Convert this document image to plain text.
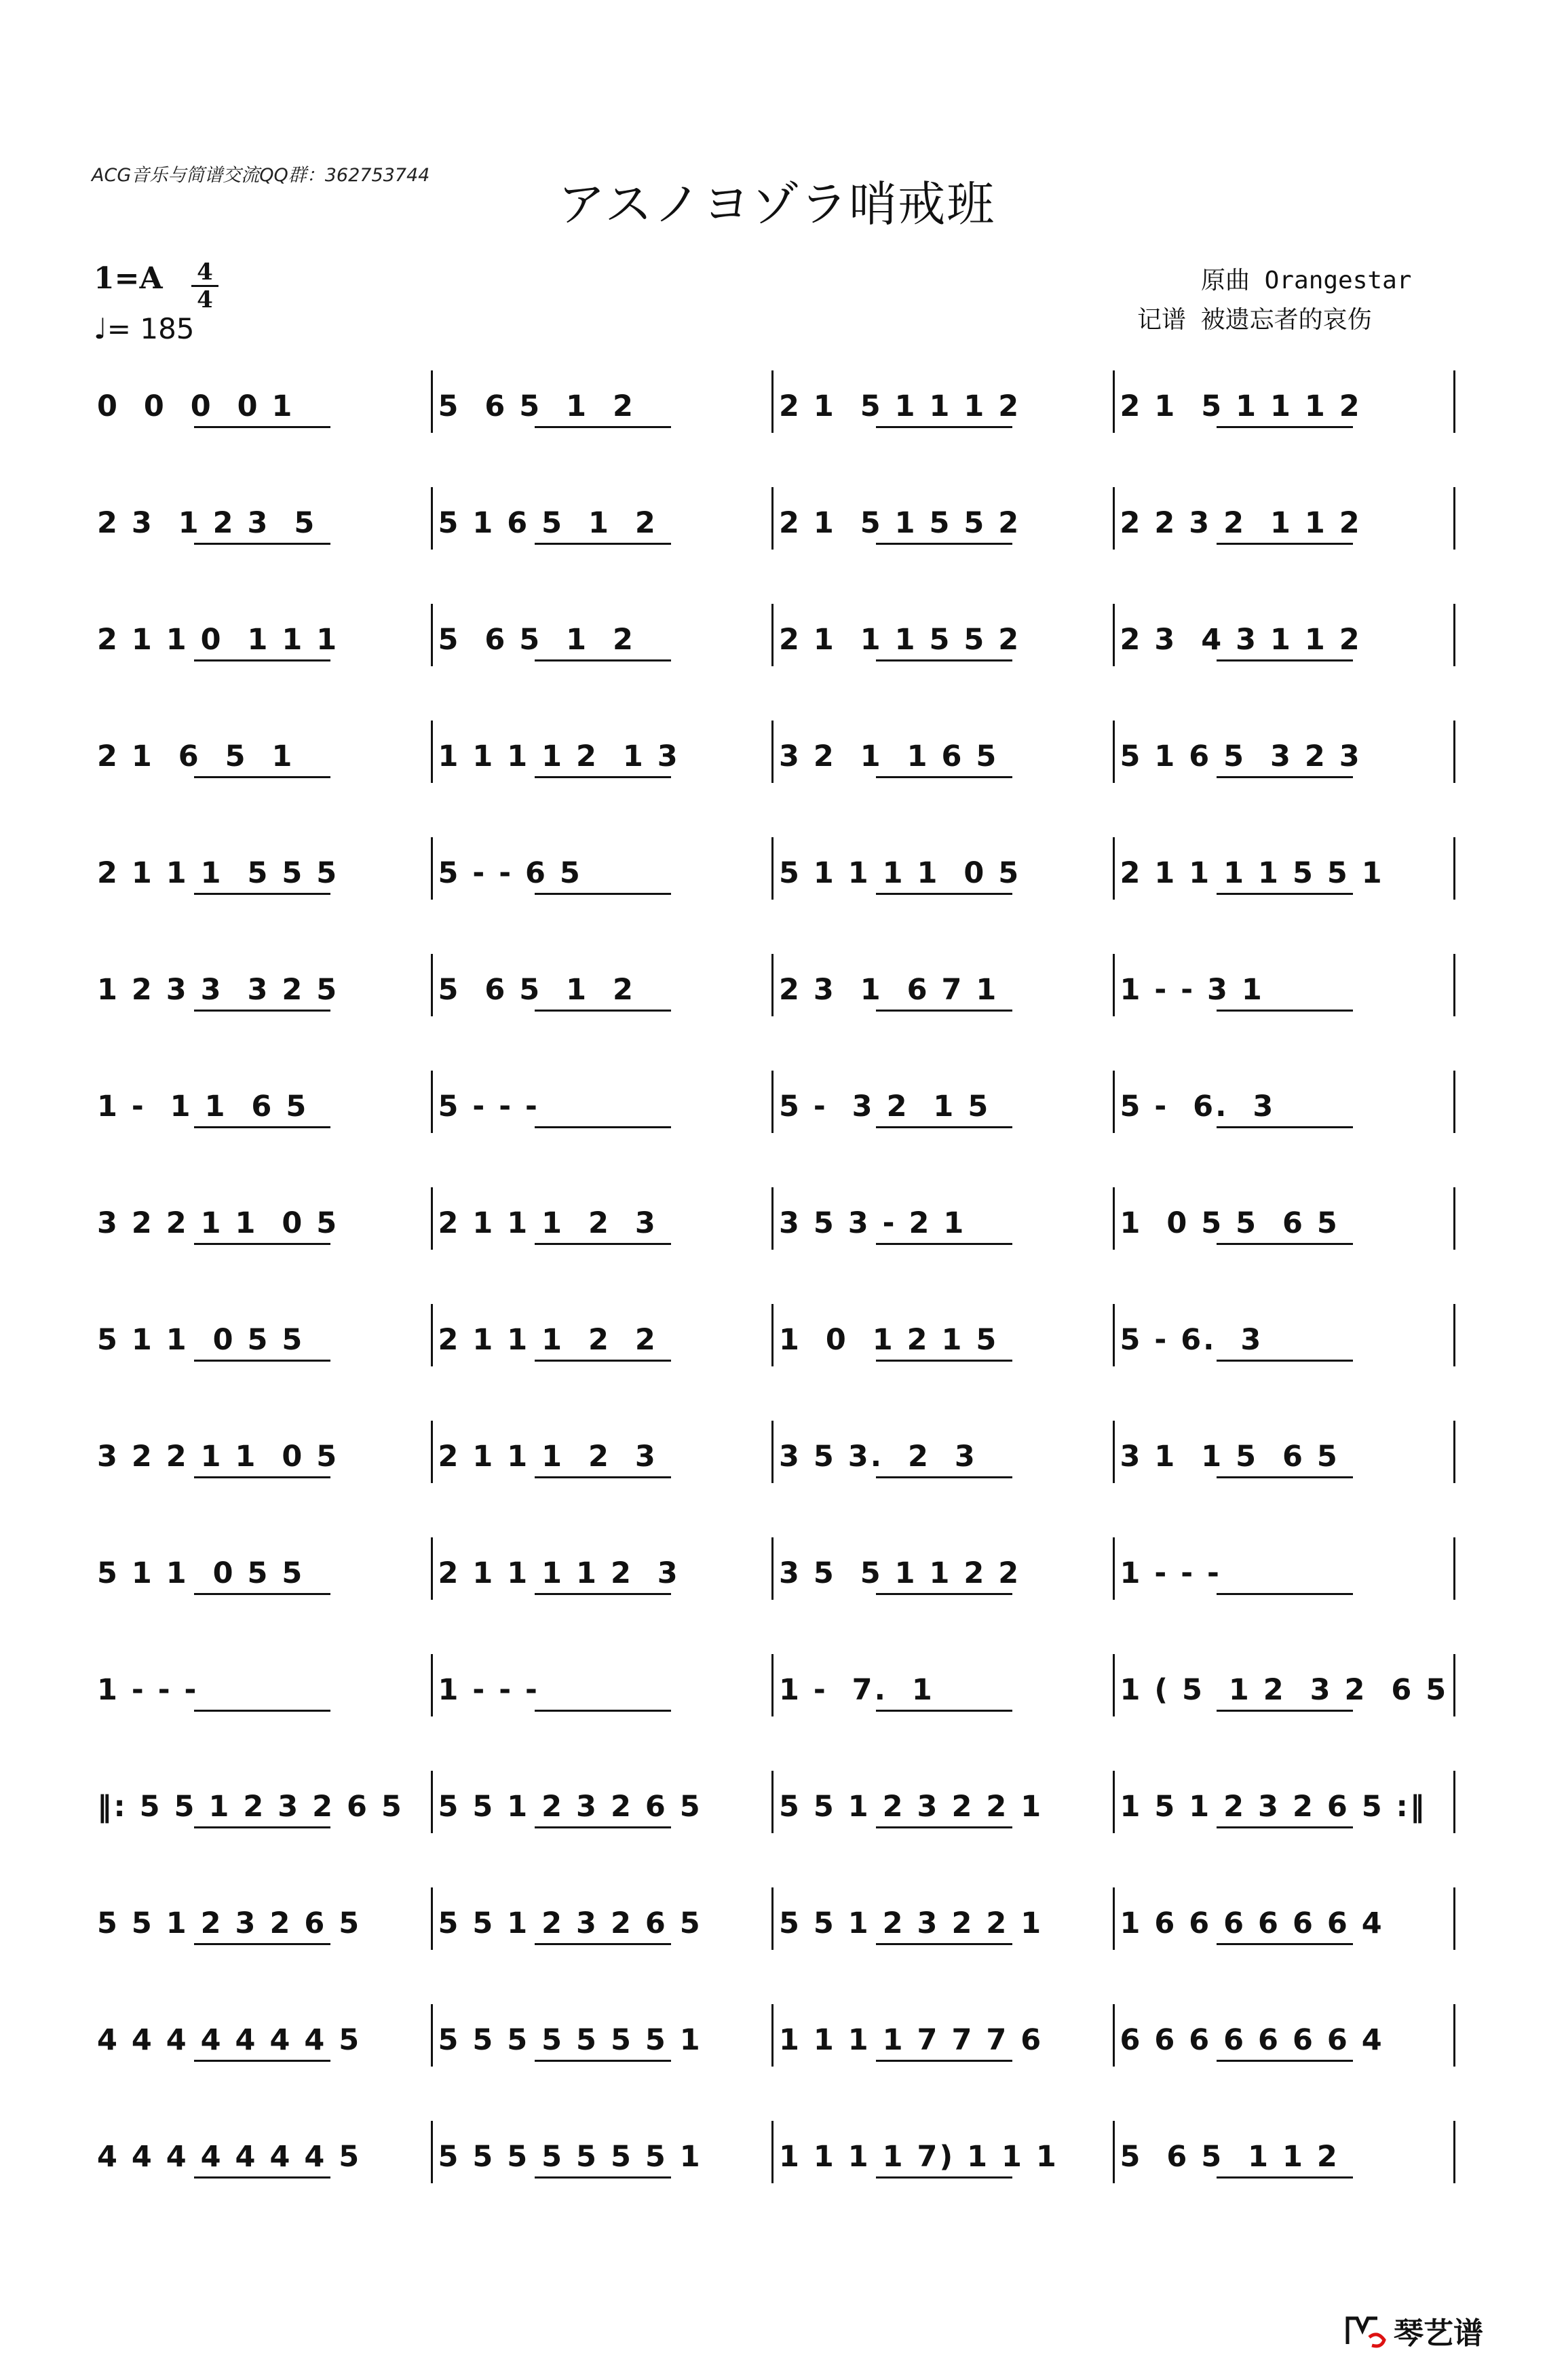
ACG音乐与简谱交流QQ群：362753744
アスノヨゾラ哨戒班
1=A 4
4
♩= 185
原曲 Orangestar
记谱 被遗忘者的哀伤
0  0  0  0 1	5  6 5  1  2	2 1  5 1 1 1 2	2 1  5 1 1 1 2
2 3  1 2 3  5	5 1 6 5  1  2	2 1  5 1 5 5 2	2 2 3 2  1 1 2
2 1 1 0  1 1 1	5  6 5  1  2	2 1  1 1 5 5 2	2 3  4 3 1 1 2
2 1  6  5  1	1 1 1 1 2  1 3	3 2  1  1 6 5	5 1 6 5  3 2 3
2 1 1 1  5 5 5	5 - - 6 5	5 1 1 1 1  0 5	2 1 1 1 1 5 5 1
1 2 3 3  3 2 5	5  6 5  1  2	2 3  1  6 7 1	1 - - 3 1
1 -  1 1  6 5	5 - - -	5 -  3 2  1 5	5 -  6.  3
3 2 2 1 1  0 5	2 1 1 1  2  3	3 5 3 - 2 1	1  0 5 5  6 5
5 1 1  0 5 5	2 1 1 1  2  2	1  0  1 2 1 5	5 - 6.  3
3 2 2 1 1  0 5	2 1 1 1  2  3	3 5 3.  2  3	3 1  1 5  6 5
5 1 1  0 5 5	2 1 1 1 1 2  3	3 5  5 1 1 2 2	1 - - -
1 - - -	1 - - -	1 -  7.  1	1 ( 5  1 2  3 2  6 5
‖: 5 5 1 2 3 2 6 5	5 5 1 2 3 2 6 5	5 5 1 2 3 2 2 1	1 5 1 2 3 2 6 5 :‖
5 5 1 2 3 2 6 5	5 5 1 2 3 2 6 5	5 5 1 2 3 2 2 1	1 6 6 6 6 6 6 4
4 4 4 4 4 4 4 5	5 5 5 5 5 5 5 1	1 1 1 1 7 7 7 6	6 6 6 6 6 6 6 4
4 4 4 4 4 4 4 5	5 5 5 5 5 5 5 1	1 1 1 1 7) 1 1 1	5  6 5  1 1 2
琴艺谱
